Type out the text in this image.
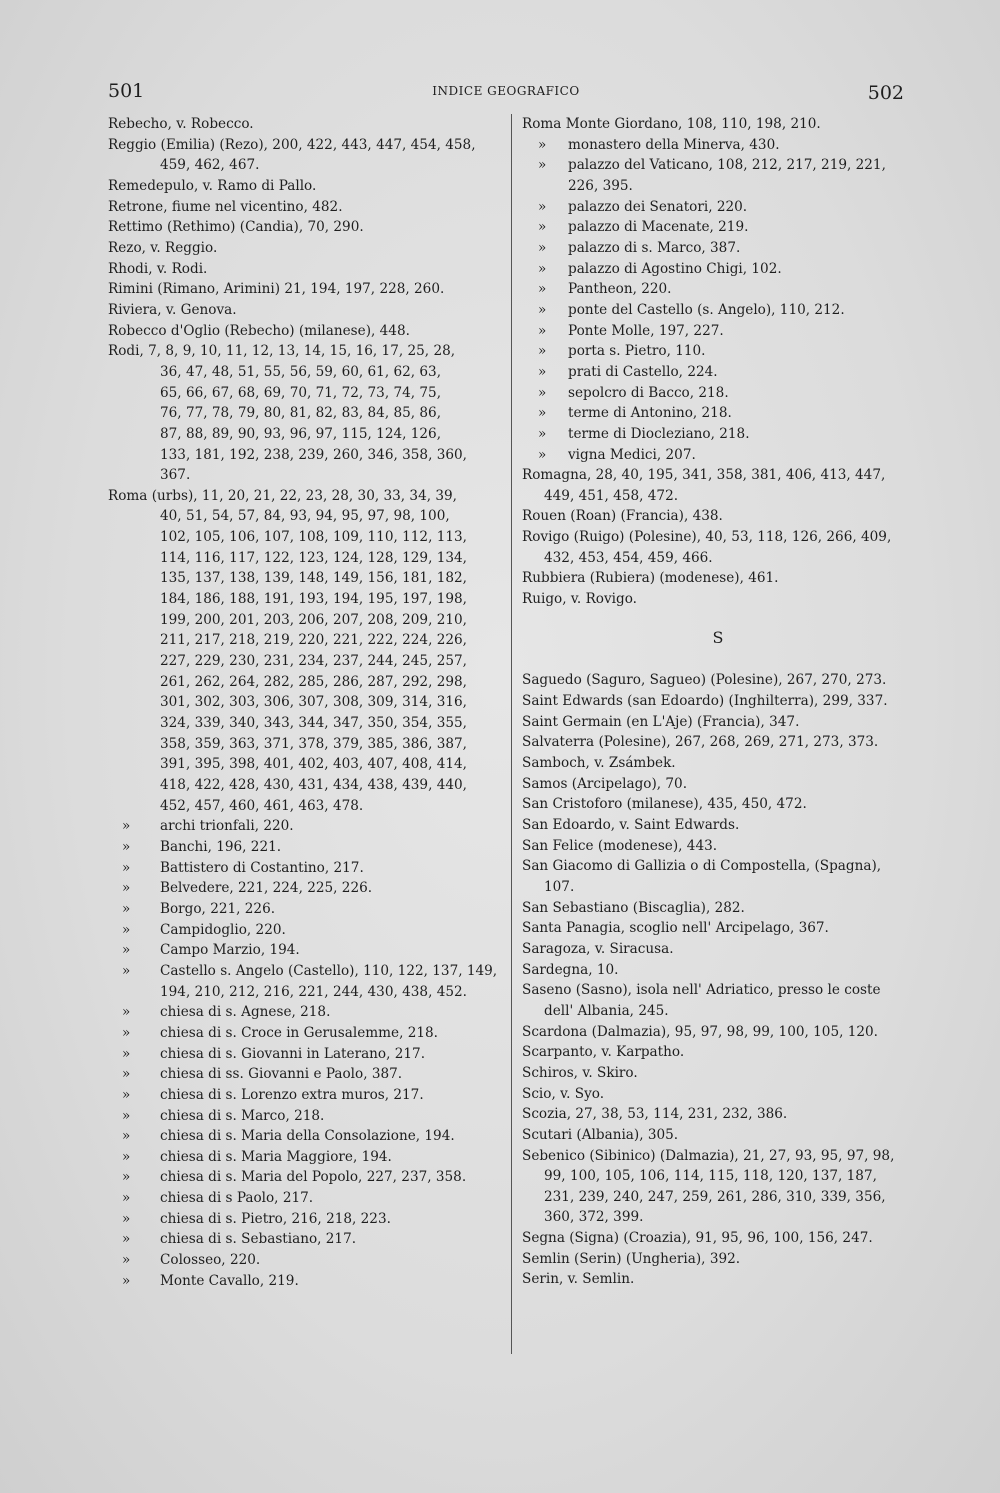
501	INDICE GEOGRAFICO	502
Rebecho, v. Robecco.
Reggio (Emilia) (Rezo), 200, 422, 443, 447, 454, 458,
459, 462, 467.
Remedepulo, v. Ramo di Pallo.
Retrone, fiume nel vicentino, 482.
Rettimo (Rethimo) (Candia), 70, 290.
Rezo, v. Reggio.
Rhodi, v. Rodi.
Rimini (Rimano, Arimini) 21, 194, 197, 228, 260.
Riviera, v. Genova.
Robecco d'Oglio (Rebecho) (milanese), 448.
Rodi, 7, 8, 9, 10, 11, 12, 13, 14, 15, 16, 17, 25, 28,
36, 47, 48, 51, 55, 56, 59, 60, 61, 62, 63,
65, 66, 67, 68, 69, 70, 71, 72, 73, 74, 75,
76, 77, 78, 79, 80, 81, 82, 83, 84, 85, 86,
87, 88, 89, 90, 93, 96, 97, 115, 124, 126,
133, 181, 192, 238, 239, 260, 346, 358, 360,
367.
Roma (urbs), 11, 20, 21, 22, 23, 28, 30, 33, 34, 39,
40, 51, 54, 57, 84, 93, 94, 95, 97, 98, 100,
102, 105, 106, 107, 108, 109, 110, 112, 113,
114, 116, 117, 122, 123, 124, 128, 129, 134,
135, 137, 138, 139, 148, 149, 156, 181, 182,
184, 186, 188, 191, 193, 194, 195, 197, 198,
199, 200, 201, 203, 206, 207, 208, 209, 210,
211, 217, 218, 219, 220, 221, 222, 224, 226,
227, 229, 230, 231, 234, 237, 244, 245, 257,
261, 262, 264, 282, 285, 286, 287, 292, 298,
301, 302, 303, 306, 307, 308, 309, 314, 316,
324, 339, 340, 343, 344, 347, 350, 354, 355,
358, 359, 363, 371, 378, 379, 385, 386, 387,
391, 395, 398, 401, 402, 403, 407, 408, 414,
418, 422, 428, 430, 431, 434, 438, 439, 440,
452, 457, 460, 461, 463, 478.
» archi trionfali, 220.
» Banchi, 196, 221.
» Battistero di Costantino, 217.
» Belvedere, 221, 224, 225, 226.
» Borgo, 221, 226.
» Campidoglio, 220.
» Campo Marzio, 194.
» Castello s. Angelo (Castello), 110, 122, 137, 149,
194, 210, 212, 216, 221, 244, 430, 438, 452.
» chiesa di s. Agnese, 218.
» chiesa di s. Croce in Gerusalemme, 218.
» chiesa di s. Giovanni in Laterano, 217.
» chiesa di ss. Giovanni e Paolo, 387.
» chiesa di s. Lorenzo extra muros, 217.
» chiesa di s. Marco, 218.
» chiesa di s. Maria della Consolazione, 194.
» chiesa di s. Maria Maggiore, 194.
» chiesa di s. Maria del Popolo, 227, 237, 358.
» chiesa di s Paolo, 217.
» chiesa di s. Pietro, 216, 218, 223.
» chiesa di s. Sebastiano, 217.
» Colosseo, 220.
» Monte Cavallo, 219.
Roma Monte Giordano, 108, 110, 198, 210.
» monastero della Minerva, 430.
» palazzo del Vaticano, 108, 212, 217, 219, 221,
226, 395.
» palazzo dei Senatori, 220.
» palazzo di Macenate, 219.
» palazzo di s. Marco, 387.
» palazzo di Agostino Chigi, 102.
» Pantheon, 220.
» ponte del Castello (s. Angelo), 110, 212.
» Ponte Molle, 197, 227.
» porta s. Pietro, 110.
» prati di Castello, 224.
» sepolcro di Bacco, 218.
» terme di Antonino, 218.
» terme di Diocleziano, 218.
» vigna Medici, 207.
Romagna, 28, 40, 195, 341, 358, 381, 406, 413, 447,
449, 451, 458, 472.
Rouen (Roan) (Francia), 438.
Rovigo (Ruigo) (Polesine), 40, 53, 118, 126, 266, 409,
432, 453, 454, 459, 466.
Rubbiera (Rubiera) (modenese), 461.
Ruigo, v. Rovigo.
S
Saguedo (Saguro, Sagueo) (Polesine), 267, 270, 273.
Saint Edwards (san Edoardo) (Inghilterra), 299, 337.
Saint Germain (en L'Aje) (Francia), 347.
Salvaterra (Polesine), 267, 268, 269, 271, 273, 373.
Samboch, v. Zsámbek.
Samos (Arcipelago), 70.
San Cristoforo (milanese), 435, 450, 472.
San Edoardo, v. Saint Edwards.
San Felice (modenese), 443.
San Giacomo di Gallizia o di Compostella, (Spagna),
107.
San Sebastiano (Biscaglia), 282.
Santa Panagia, scoglio nell' Arcipelago, 367.
Saragoza, v. Siracusa.
Sardegna, 10.
Saseno (Sasno), isola nell' Adriatico, presso le coste
dell' Albania, 245.
Scardona (Dalmazia), 95, 97, 98, 99, 100, 105, 120.
Scarpanto, v. Karpatho.
Schiros, v. Skiro.
Scio, v. Syo.
Scozia, 27, 38, 53, 114, 231, 232, 386.
Scutari (Albania), 305.
Sebenico (Sibinico) (Dalmazia), 21, 27, 93, 95, 97, 98,
99, 100, 105, 106, 114, 115, 118, 120, 137, 187,
231, 239, 240, 247, 259, 261, 286, 310, 339, 356,
360, 372, 399.
Segna (Signa) (Croazia), 91, 95, 96, 100, 156, 247.
Semlin (Serin) (Ungheria), 392.
Serin, v. Semlin.
